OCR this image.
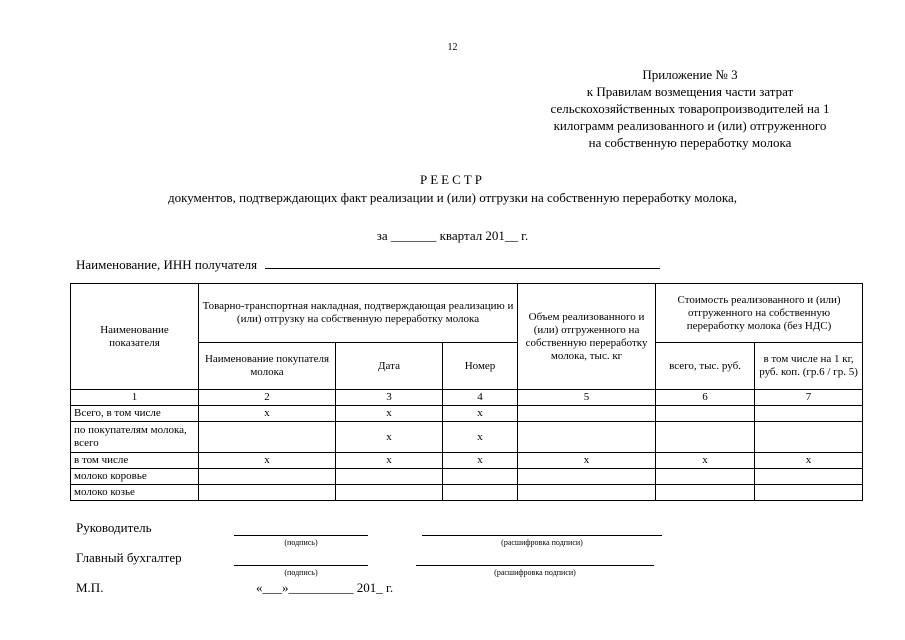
12
Приложение № 3
к Правилам возмещения части затрат
сельскохозяйственных товаропроизводителей на 1
килограмм реализованного и (или) отгруженного
на собственную переработку молока
РЕЕСТР
документов, подтверждающих факт реализации и (или) отгрузки на собственную переработку молока,
за _______ квартал 201__ г.
Наименование, ИНН получателя
Наименование показателя	Товарно-транспортная накладная, подтверждающая реализацию и (или) отгрузку на собственную переработку молока			Объем реализованного и (или) отгруженного на собственную переработку молока, тыс. кг	Стоимость реализованного и (или) отгруженного на собственную переработку молока (без НДС)	
	Наименование покупателя молока	Дата	Номер		всего, тыс. руб.	в том числе на 1 кг, руб. коп. (гр.6 / гр. 5)
1	2	3	4	5	6	7
Всего, в том числе	х	х	х			
по покупателям молока, всего		х	х			
в том числе	х	х	х	х	х	х
молоко коровье						
молоко козье						
Руководитель
(подпись)	(расшифровка подписи)
Главный бухгалтер
(подпись)	(расшифровка подписи)
М.П.	«___»__________ 201_ г.
